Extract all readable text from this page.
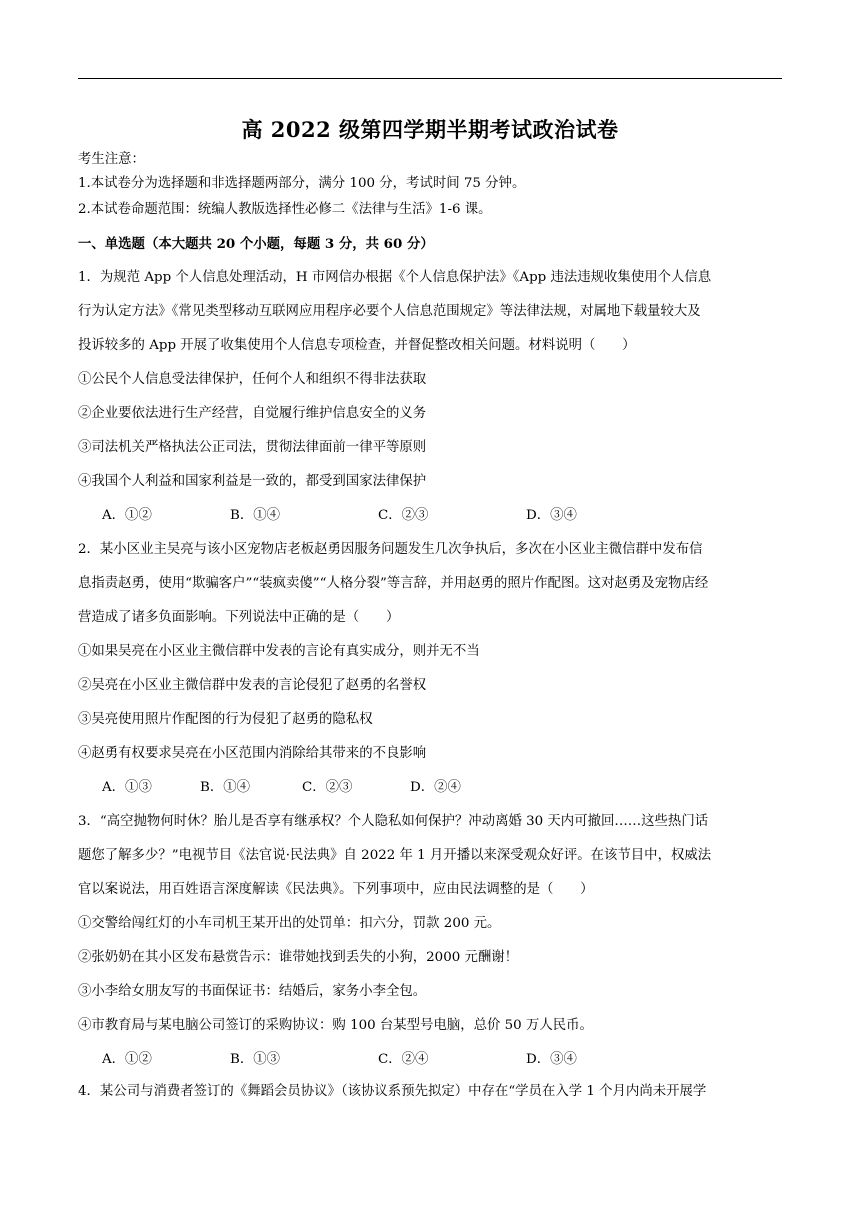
高 2022 级第四学期半期考试政治试卷
考生注意：
1.本试卷分为选择题和非选择题两部分，满分 100 分，考试时间 75 分钟。
2.本试卷命题范围：统编人教版选择性必修二《法律与生活》1-6 课。
一、单选题（本大题共 20 个小题，每题 3 分，共 60 分）
1．为规范 App 个人信息处理活动，H 市网信办根据《个人信息保护法》《App 违法违规收集使用个人信息
行为认定方法》《常见类型移动互联网应用程序必要个人信息范围规定》等法律法规，对属地下载量较大及
投诉较多的 App 开展了收集使用个人信息专项检查，并督促整改相关问题。材料说明（　　）
①公民个人信息受法律保护，任何个人和组织不得非法获取
②企业要依法进行生产经营，自觉履行维护信息安全的义务
③司法机关严格执法公正司法，贯彻法律面前一律平等原则
④我国个人利益和国家利益是一致的，都受到国家法律保护
A．①②	B．①④	C．②③	D．③④
2．某小区业主吴亮与该小区宠物店老板赵勇因服务问题发生几次争执后，多次在小区业主微信群中发布信
息指责赵勇，使用“欺骗客户”“装疯卖傻”“人格分裂”等言辞，并用赵勇的照片作配图。这对赵勇及宠物店经
营造成了诸多负面影响。下列说法中正确的是（　　）
①如果吴亮在小区业主微信群中发表的言论有真实成分，则并无不当
②吴亮在小区业主微信群中发表的言论侵犯了赵勇的名誉权
③吴亮使用照片作配图的行为侵犯了赵勇的隐私权
④赵勇有权要求吴亮在小区范围内消除给其带来的不良影响
A．①③	B．①④	C．②③	D．②④
3．“高空抛物何时休？胎儿是否享有继承权？个人隐私如何保护？冲动离婚 30 天内可撤回……这些热门话
题您了解多少？”电视节目《法官说·民法典》自 2022 年 1 月开播以来深受观众好评。在该节目中，权威法
官以案说法，用百姓语言深度解读《民法典》。下列事项中，应由民法调整的是（　　）
①交警给闯红灯的小车司机王某开出的处罚单：扣六分，罚款 200 元。
②张奶奶在其小区发布悬赏告示：谁带她找到丢失的小狗，2000 元酬谢！
③小李给女朋友写的书面保证书：结婚后，家务小李全包。
④市教育局与某电脑公司签订的采购协议：购 100 台某型号电脑，总价 50 万人民币。
A．①②	B．①③	C．②④	D．③④
4．某公司与消费者签订的《舞蹈会员协议》（该协议系预先拟定）中存在“学员在入学 1 个月内尚未开展学
